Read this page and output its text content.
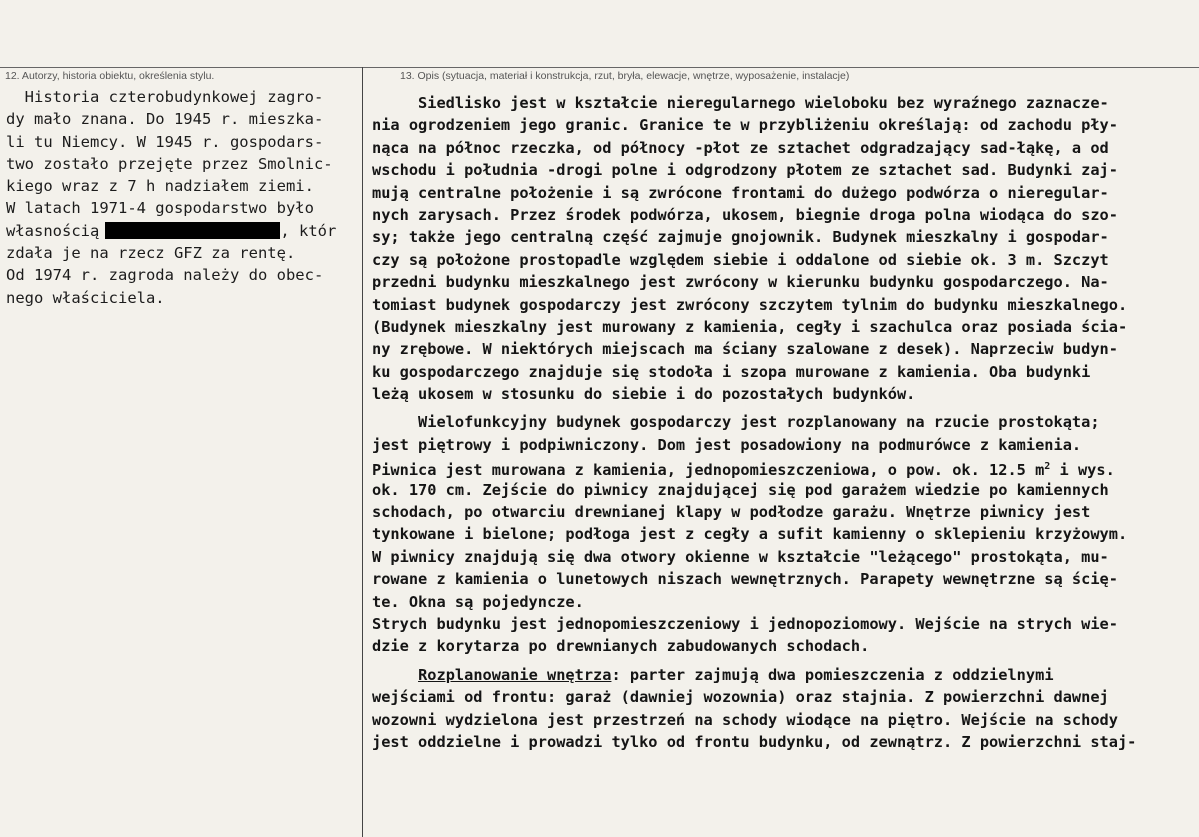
12. Autorzy, historia obiektu, określenia stylu.	13. Opis (sytuacja, materiał i konstrukcja, rzut, bryła, elewacje, wnętrze, wyposażenie, instalacje)
Historia czterobudynkowej zagro-
dy mało znana. Do 1945 r. mieszka-
li tu Niemcy. W 1945 r. gospodars-
two zostało przejęte przez Smolnic-
kiego wraz z 7 h nadziałem ziemi.
W latach 1971-4 gospodarstwo było
własnością	, któr
zdała je na rzecz GFZ za rentę.
Od 1974 r. zagroda należy do obec-
nego właściciela.
Siedlisko jest w kształcie nieregularnego wieloboku bez wyraźnego zaznacze-
nia ogrodzeniem jego granic. Granice te w przybliżeniu określają: od zachodu pły-
nąca na północ rzeczka, od północy -płot ze sztachet odgradzający sad-łąkę, a od
wschodu i południa -drogi polne i odgrodzony płotem ze sztachet sad. Budynki zaj-
mują centralne położenie i są zwrócone frontami do dużego podwórza o nieregular-
nych zarysach. Przez środek podwórza, ukosem, biegnie droga polna wiodąca do szo-
sy; także jego centralną część zajmuje gnojownik. Budynek mieszkalny i gospodar-
czy są położone prostopadle względem siebie i oddalone od siebie ok. 3 m. Szczyt
przedni budynku mieszkalnego jest zwrócony w kierunku budynku gospodarczego. Na-
tomiast budynek gospodarczy jest zwrócony szczytem tylnim do budynku mieszkalnego.
(Budynek mieszkalny jest murowany z kamienia, cegły i szachulca oraz posiada ścia-
ny zrębowe. W niektórych miejscach ma ściany szalowane z desek). Naprzeciw budyn-
ku gospodarczego znajduje się stodoła i szopa murowane z kamienia. Oba budynki
leżą ukosem w stosunku do siebie i do pozostałych budynków.
Wielofunkcyjny budynek gospodarczy jest rozplanowany na rzucie prostokąta;
jest piętrowy i podpiwniczony. Dom jest posadowiony na podmurówce z kamienia.
Piwnica jest murowana z kamienia, jednopomieszczeniowa, o pow. ok. 12.5 $m^2$ i wys.
ok. 170 cm. Zejście do piwnicy znajdującej się pod garażem wiedzie po kamiennych
schodach, po otwarciu drewnianej klapy w podłodze garażu. Wnętrze piwnicy jest
tynkowane i bielone; podłoga jest z cegły a sufit kamienny o sklepieniu krzyżowym.
W piwnicy znajdują się dwa otwory okienne w kształcie "leżącego" prostokąta, mu-
rowane z kamienia o lunetowych niszach wewnętrznych. Parapety wewnętrzne są ścię-
te. Okna są pojedyncze.
Strych budynku jest jednopomieszczeniowy i jednopoziomowy. Wejście na strych wie-
dzie z korytarza po drewnianych zabudowanych schodach.
Rozplanowanie wnętrza: parter zajmują dwa pomieszczenia z oddzielnymi
wejściami od frontu: garaż (dawniej wozownia) oraz stajnia. Z powierzchni dawnej
wozowni wydzielona jest przestrzeń na schody wiodące na piętro. Wejście na schody
jest oddzielne i prowadzi tylko od frontu budynku, od zewnątrz. Z powierzchni staj-
